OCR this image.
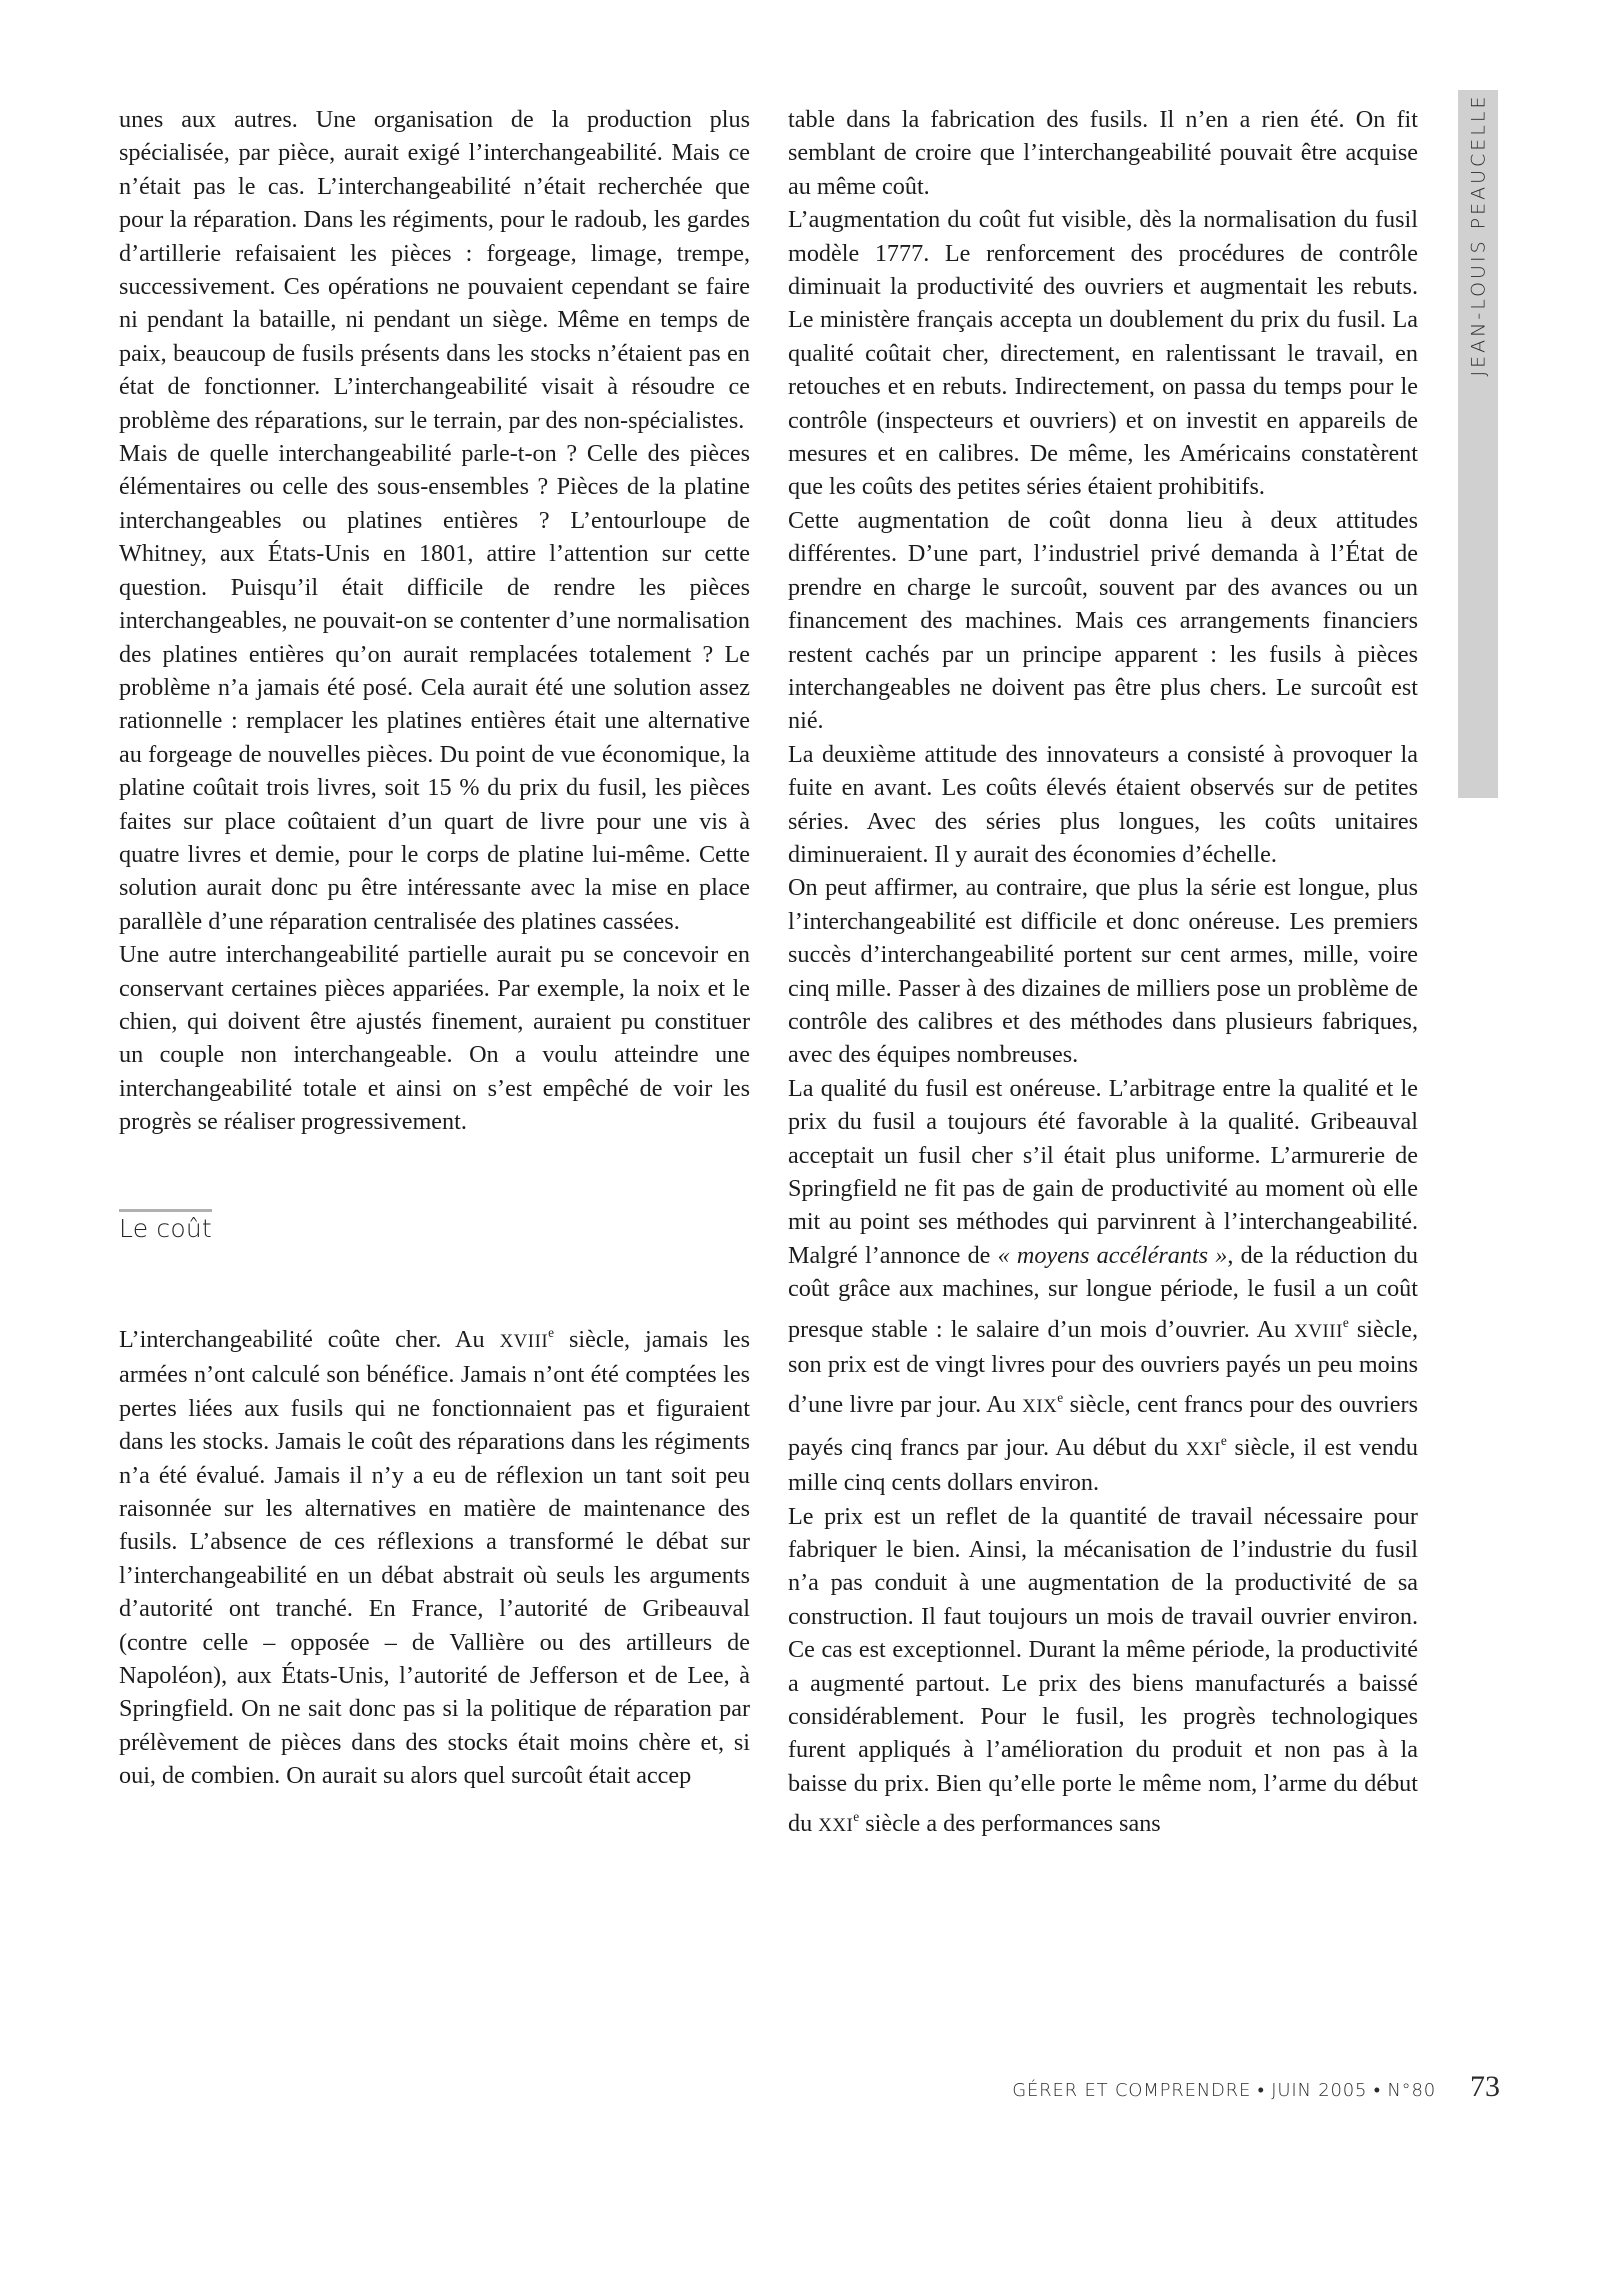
JEAN-LOUIS PEAUCELLE

unes aux autres. Une organisation de la production plus spécialisée, par pièce, aurait exigé l’interchangeabilité. Mais ce n’était pas le cas. L’interchangeabilité n’était recherchée que pour la réparation. Dans les régiments, pour le radoub, les gardes d’artillerie refaisaient les pièces : forgeage, limage, trempe, successivement. Ces opérations ne pouvaient cependant se faire ni pendant la bataille, ni pendant un siège. Même en temps de paix, beaucoup de fusils présents dans les stocks n’étaient pas en état de fonctionner. L’interchangeabilité visait à résoudre ce problème des réparations, sur le terrain, par des non-spécialistes.

Mais de quelle interchangeabilité parle-t-on ? Celle des pièces élémentaires ou celle des sous-ensembles ? Pièces de la platine interchangeables ou platines entières ? L’entourloupe de Whitney, aux États-Unis en 1801, attire l’attention sur cette question. Puisqu’il était difficile de rendre les pièces interchangeables, ne pouvait-on se contenter d’une normalisation des platines entières qu’on aurait remplacées totalement ? Le problème n’a jamais été posé. Cela aurait été une solution assez rationnelle : remplacer les platines entières était une alternative au forgeage de nouvelles pièces. Du point de vue économique, la platine coûtait trois livres, soit 15 % du prix du fusil, les pièces faites sur place coûtaient d’un quart de livre pour une vis à quatre livres et demie, pour le corps de platine lui-même. Cette solution aurait donc pu être intéressante avec la mise en place parallèle d’une réparation centralisée des platines cassées.

Une autre interchangeabilité partielle aurait pu se concevoir en conservant certaines pièces appariées. Par exemple, la noix et le chien, qui doivent être ajustés finement, auraient pu constituer un couple non interchangeable. On a voulu atteindre une interchangeabilité totale et ainsi on s’est empêché de voir les progrès se réaliser progressivement.

Le coût

L’interchangeabilité coûte cher. Au XVIIIe siècle, jamais les armées n’ont calculé son bénéfice. Jamais n’ont été comptées les pertes liées aux fusils qui ne fonctionnaient pas et figuraient dans les stocks. Jamais le coût des réparations dans les régiments n’a été évalué. Jamais il n’y a eu de réflexion un tant soit peu raisonnée sur les alternatives en matière de maintenance des fusils. L’absence de ces réflexions a transformé le débat sur l’interchangeabilité en un débat abstrait où seuls les arguments d’autorité ont tranché. En France, l’autorité de Gribeauval (contre celle – opposée – de Vallière ou des artilleurs de Napoléon), aux États-Unis, l’autorité de Jefferson et de Lee, à Springfield. On ne sait donc pas si la politique de réparation par prélèvement de pièces dans des stocks était moins chère et, si oui, de combien. On aurait su alors quel surcoût était accep

table dans la fabrication des fusils. Il n’en a rien été. On fit semblant de croire que l’interchangeabilité pouvait être acquise au même coût.

L’augmentation du coût fut visible, dès la normalisation du fusil modèle 1777. Le renforcement des procédures de contrôle diminuait la productivité des ouvriers et augmentait les rebuts. Le ministère français accepta un doublement du prix du fusil. La qualité coûtait cher, directement, en ralentissant le travail, en retouches et en rebuts. Indirectement, on passa du temps pour le contrôle (inspecteurs et ouvriers) et on investit en appareils de mesures et en calibres. De même, les Américains constatèrent que les coûts des petites séries étaient prohibitifs.

Cette augmentation de coût donna lieu à deux attitudes différentes. D’une part, l’industriel privé demanda à l’État de prendre en charge le surcoût, souvent par des avances ou un financement des machines. Mais ces arrangements financiers restent cachés par un principe apparent : les fusils à pièces interchangeables ne doivent pas être plus chers. Le surcoût est nié.

La deuxième attitude des innovateurs a consisté à provoquer la fuite en avant. Les coûts élevés étaient observés sur de petites séries. Avec des séries plus longues, les coûts unitaires diminueraient. Il y aurait des économies d’échelle.

On peut affirmer, au contraire, que plus la série est longue, plus l’interchangeabilité est difficile et donc onéreuse. Les premiers succès d’interchangeabilité portent sur cent armes, mille, voire cinq mille. Passer à des dizaines de milliers pose un problème de contrôle des calibres et des méthodes dans plusieurs fabriques, avec des équipes nombreuses.

La qualité du fusil est onéreuse. L’arbitrage entre la qualité et le prix du fusil a toujours été favorable à la qualité. Gribeauval acceptait un fusil cher s’il était plus uniforme. L’armurerie de Springfield ne fit pas de gain de productivité au moment où elle mit au point ses méthodes qui parvinrent à l’interchangeabilité. Malgré l’annonce de « moyens accélérants », de la réduction du coût grâce aux machines, sur longue période, le fusil a un coût presque stable : le salaire d’un mois d’ouvrier. Au XVIIIe siècle, son prix est de vingt livres pour des ouvriers payés un peu moins d’une livre par jour. Au XIXe siècle, cent francs pour des ouvriers payés cinq francs par jour. Au début du XXIe siècle, il est vendu mille cinq cents dollars environ.

Le prix est un reflet de la quantité de travail nécessaire pour fabriquer le bien. Ainsi, la mécanisation de l’industrie du fusil n’a pas conduit à une augmentation de la productivité de sa construction. Il faut toujours un mois de travail ouvrier environ. Ce cas est exceptionnel. Durant la même période, la productivité a augmenté partout. Le prix des biens manufacturés a baissé considérablement. Pour le fusil, les progrès technologiques furent appliqués à l’amélioration du produit et non pas à la baisse du prix. Bien qu’elle porte le même nom, l’arme du début du XXIe siècle a des performances sans

GÉRER ET COMPRENDRE • JUIN 2005 • N°80 73
